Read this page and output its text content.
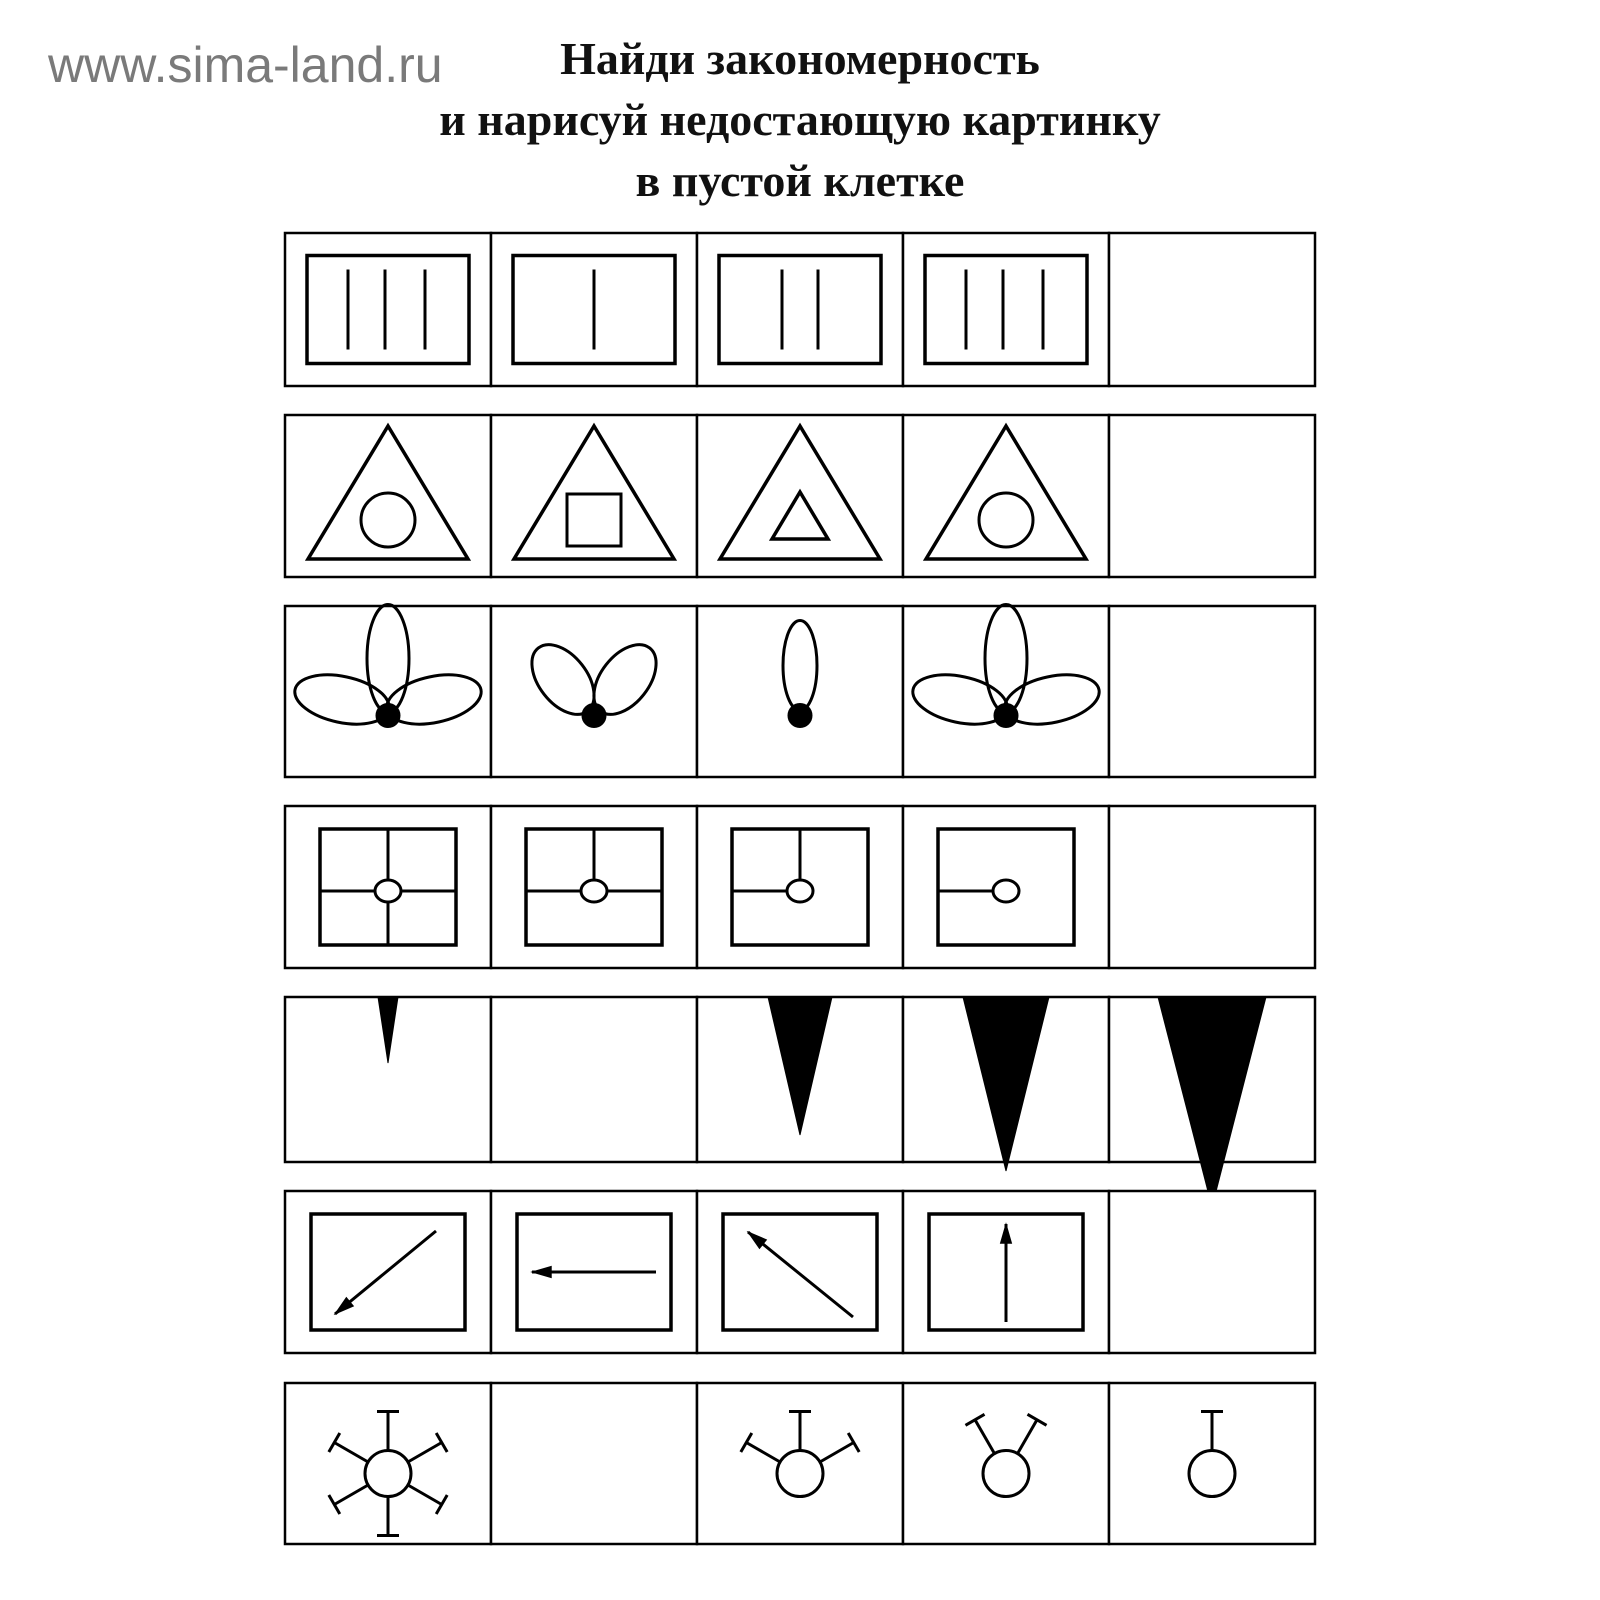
www.sima-land.ru	Найди закономерность
и нарисуй недостающую картинку
в пустой клетке
